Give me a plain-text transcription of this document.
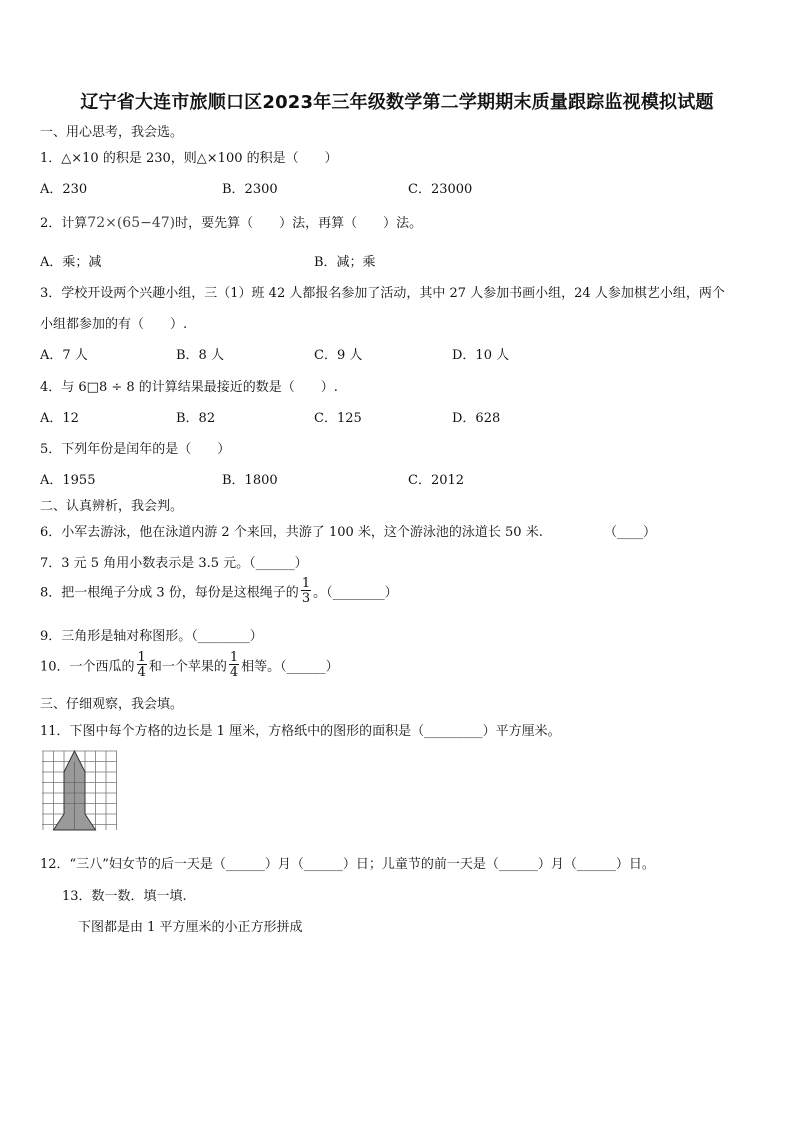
辽宁省大连市旅顺口区2023年三年级数学第二学期期末质量跟踪监视模拟试题
一、用心思考，我会选。
1．△×10 的积是 230，则△×100 的积是（　　）
A．230	B．2300	C．23000
2．计算72×(65−47)时，要先算（　　）法，再算（　　）法。
A．乘；减	B．减；乘
3．学校开设两个兴趣小组，三（1）班 42 人都报名参加了活动，其中 27 人参加书画小组，24 人参加棋艺小组，两个
小组都参加的有（　　）.
A．7 人	B．8 人	C．9 人	D．10 人
4．与 6□8 ÷ 8 的计算结果最接近的数是（　　）.
A．12	B．82	C．125	D．628
5．下列年份是闰年的是（　　）
A．1955	B．1800	C．2012
二、认真辨析，我会判。
6．小军去游泳，他在泳道内游 2 个来回，共游了 100 米，这个游泳池的泳道长 50 米.	（____）
7．3 元 5 角用小数表示是 3.5 元。（______）
8．把一根绳子分成 3 份，每份是这根绳子的 $\frac{1}{3}$ 。（________）
9．三角形是轴对称图形。（________）
10．一个西瓜的 $\frac{1}{4}$ 和一个苹果的 $\frac{1}{4}$ 相等。（______）
三、仔细观察，我会填。
11．下图中每个方格的边长是 1 厘米，方格纸中的图形的面积是（_________）平方厘米。
12．“三八”妇女节的后一天是（______）月（______）日；儿童节的前一天是（______）月（______）日。
13．数一数．填一填.
下图都是由 1 平方厘米的小正方形拼成
